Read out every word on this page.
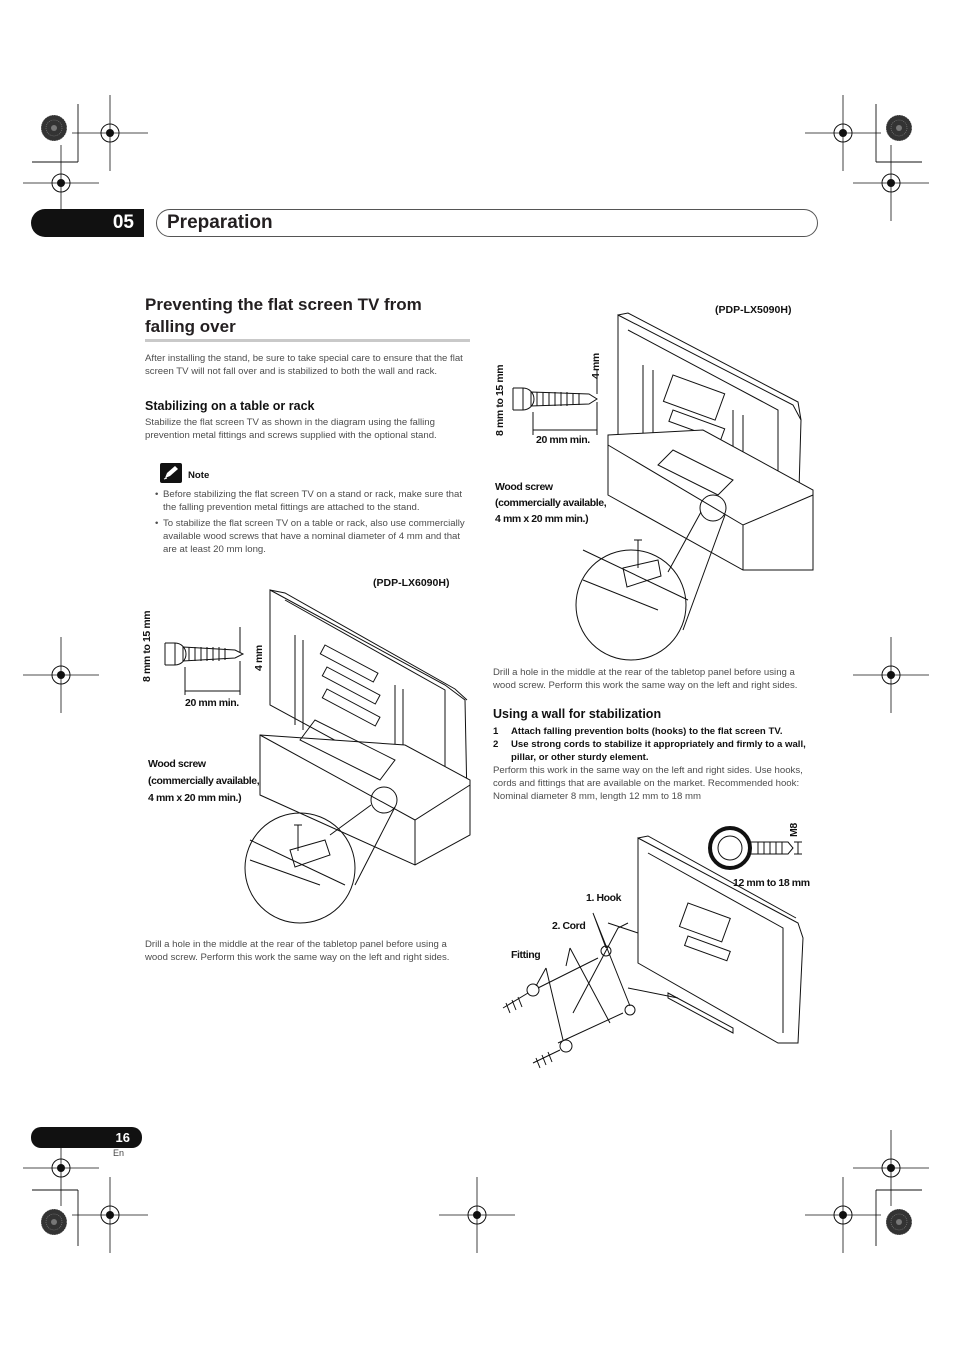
05	Preparation
Preventing the flat screen TV from falling over
After installing the stand, be sure to take special care to ensure that the flat screen TV will not fall over and is stabilized to both the wall and rack.
Stabilizing on a table or rack
Stabilize the flat screen TV as shown in the diagram using the falling prevention metal fittings and screws supplied with the optional stand.
Note
• Before stabilizing the flat screen TV on a stand or rack, make sure that the falling prevention metal fittings are attached to the stand.
• To stabilize the flat screen TV on a table or rack, also use commercially available wood screws that have a nominal diameter of 4 mm and that are at least 20 mm long.
(PDP-LX6090H)
8 mm to 15 mm	4 mm
20 mm min.
Wood screw
(commercially available,
4 mm x 20 mm min.)
Drill a hole in the middle at the rear of the tabletop panel before using a wood screw. Perform this work the same way on the left and right sides.
(PDP-LX5090H)
8 mm to 15 mm	4 mm
20 mm min.
Wood screw
(commercially available,
4 mm x 20 mm min.)
Drill a hole in the middle at the rear of the tabletop panel before using a wood screw. Perform this work the same way on the left and right sides.
Using a wall for stabilization
1 Attach falling prevention bolts (hooks) to the flat screen TV.
2 Use strong cords to stabilize it appropriately and firmly to a wall, pillar, or other sturdy element.
Perform this work in the same way on the left and right sides. Use hooks, cords and fittings that are available on the market. Recommended hook: Nominal diameter 8 mm, length 12 mm to 18 mm
M8
12 mm to 18 mm
1. Hook
2. Cord
Fitting
16
En
